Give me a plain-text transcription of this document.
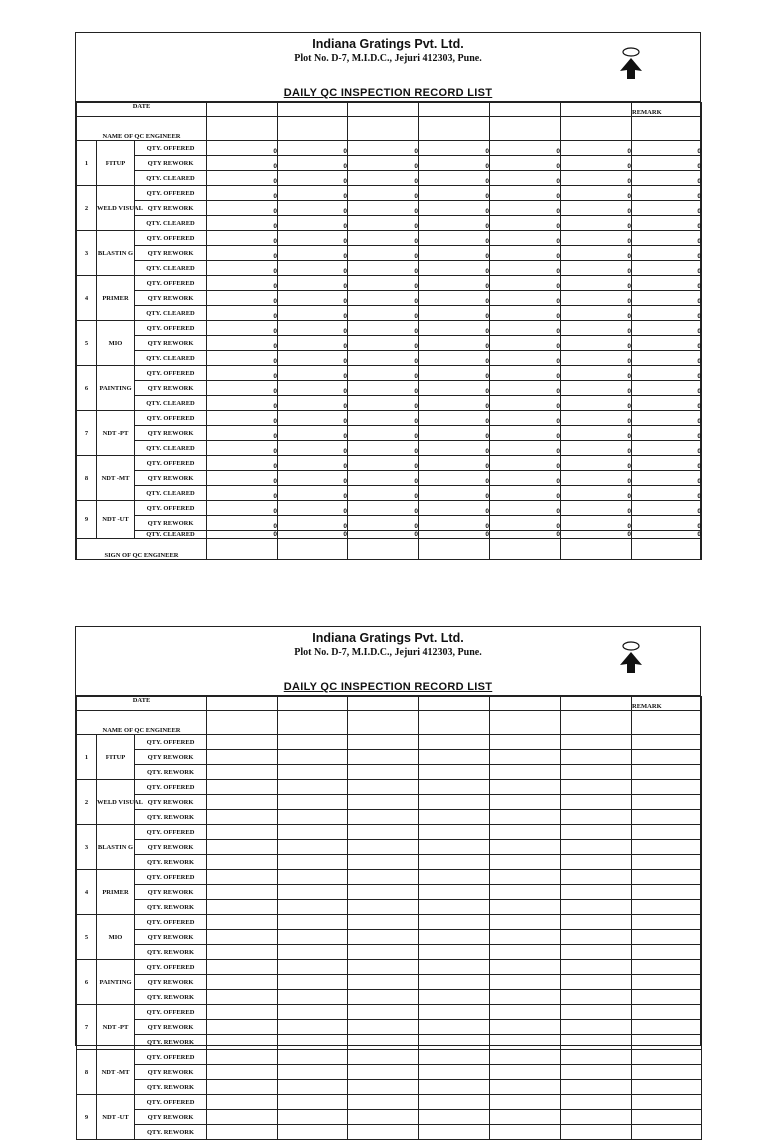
Indiana Gratings Pvt. Ltd.
Plot No. D-7, M.I.D.C., Jejuri 412303, Pune.
DAILY QC INSPECTION RECORD LIST
DATE									REMARK
NAME OF QC ENGINEER									
1	FITUP	QTY. OFFERED	0	0	0	0	0	0	0
		QTY REWORK	0	0	0	0	0	0	0
		QTY. CLEARED	0	0	0	0	0	0	0
2	WELD VISUAL	QTY. OFFERED	0	0	0	0	0	0	0
		QTY REWORK	0	0	0	0	0	0	0
		QTY. CLEARED	0	0	0	0	0	0	0
3	BLASTIN G	QTY. OFFERED	0	0	0	0	0	0	0
		QTY REWORK	0	0	0	0	0	0	0
		QTY. CLEARED	0	0	0	0	0	0	0
4	PRIMER	QTY. OFFERED	0	0	0	0	0	0	0
		QTY REWORK	0	0	0	0	0	0	0
		QTY. CLEARED	0	0	0	0	0	0	0
5	MIO	QTY. OFFERED	0	0	0	0	0	0	0
		QTY REWORK	0	0	0	0	0	0	0
		QTY. CLEARED	0	0	0	0	0	0	0
6	PAINTING	QTY. OFFERED	0	0	0	0	0	0	0
		QTY REWORK	0	0	0	0	0	0	0
		QTY. CLEARED	0	0	0	0	0	0	0
7	NDT -PT	QTY. OFFERED	0	0	0	0	0	0	0
		QTY REWORK	0	0	0	0	0	0	0
		QTY. CLEARED	0	0	0	0	0	0	0
8	NDT -MT	QTY. OFFERED	0	0	0	0	0	0	0
		QTY REWORK	0	0	0	0	0	0	0
		QTY. CLEARED	0	0	0	0	0	0	0
9	NDT -UT	QTY. OFFERED	0	0	0	0	0	0	0
		QTY REWORK	0	0	0	0	0	0	0
		QTY. CLEARED	0	0	0	0	0	0	0
SIGN OF QC ENGINEER									
Indiana Gratings Pvt. Ltd.
Plot No. D-7, M.I.D.C., Jejuri 412303, Pune.
DAILY QC INSPECTION RECORD LIST
DATE									REMARK
NAME OF QC ENGINEER									
1	FITUP	QTY. OFFERED							
		QTY REWORK							
		QTY. REWORK							
2	WELD VISUAL	QTY. OFFERED							
		QTY REWORK							
		QTY. REWORK							
3	BLASTIN G	QTY. OFFERED							
		QTY REWORK							
		QTY. REWORK							
4	PRIMER	QTY. OFFERED							
		QTY REWORK							
		QTY. REWORK							
5	MIO	QTY. OFFERED							
		QTY REWORK							
		QTY. REWORK							
6	PAINTING	QTY. OFFERED							
		QTY REWORK							
		QTY. REWORK							
7	NDT -PT	QTY. OFFERED							
		QTY REWORK							
		QTY. REWORK							
8	NDT -MT	QTY. OFFERED							
		QTY REWORK							
		QTY. REWORK							
9	NDT -UT	QTY. OFFERED							
		QTY REWORK							
		QTY. REWORK							
